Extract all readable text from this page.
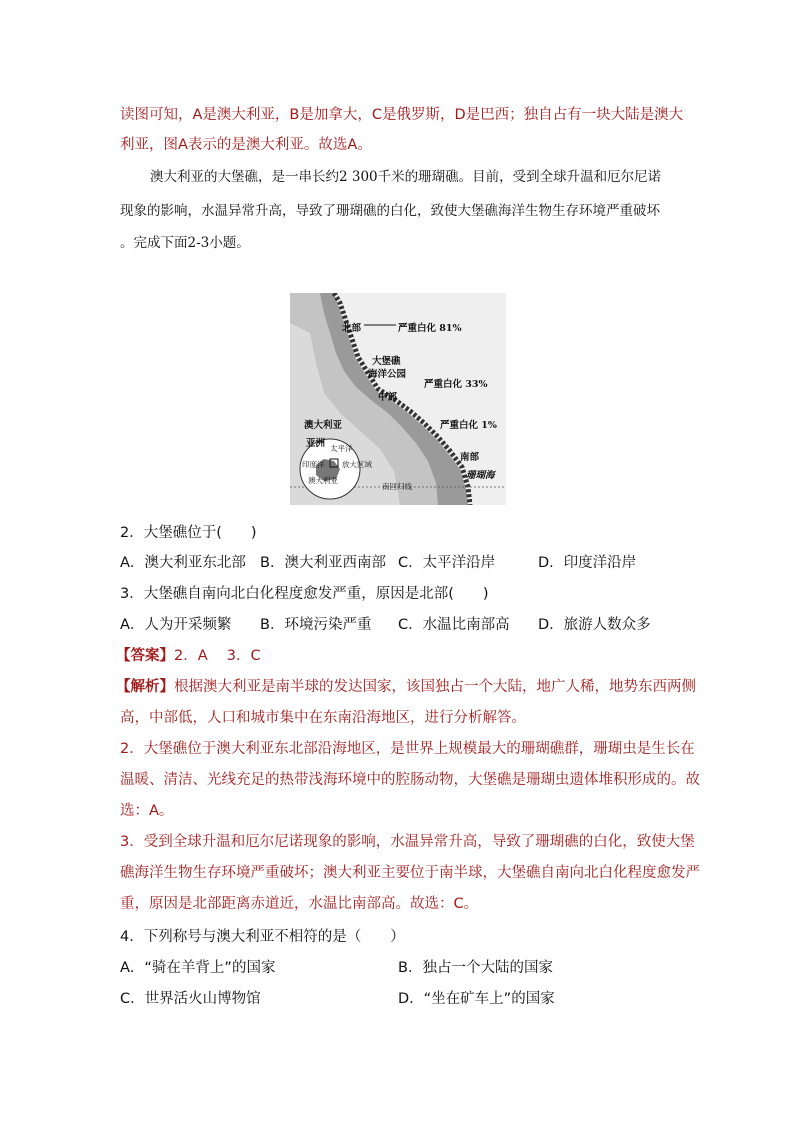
读图可知，A是澳大利亚，B是加拿大，C是俄罗斯，D是巴西；独自占有一块大陆是澳大
利亚，图A表示的是澳大利亚。故选A。
澳大利亚的大堡礁，是一串长约2 300千米的珊瑚礁。目前，受到全球升温和厄尔尼诺
现象的影响，水温异常升高，导致了珊瑚礁的白化，致使大堡礁海洋生物生存环境严重破坏
。完成下面2-3小题。
北部	严重白化 81%
大堡礁
海洋公园
严重白化 33%
中部
澳大利亚	严重白化 1%
南部
珊瑚海
亚洲 太平洋
印度洋 放大区域
澳大利亚
南回归线
2．大堡礁位于(　　)
A．澳大利亚东北部 B．澳大利亚西南部 C．太平洋沿岸	D．印度洋沿岸
3．大堡礁自南向北白化程度愈发严重，原因是北部(　　)
A．人为开采频繁 B．环境污染严重 C．水温比南部高 D．旅游人数众多
【答案】2．A　 3．C
【解析】根据澳大利亚是南半球的发达国家，该国独占一个大陆，地广人稀，地势东西两侧
高，中部低，人口和城市集中在东南沿海地区，进行分析解答。
2．大堡礁位于澳大利亚东北部沿海地区，是世界上规模最大的珊瑚礁群，珊瑚虫是生长在
温暖、清洁、光线充足的热带浅海环境中的腔肠动物，大堡礁是珊瑚虫遗体堆积形成的。故
选：A。
3．受到全球升温和厄尔尼诺现象的影响，水温异常升高，导致了珊瑚礁的白化，致使大堡
礁海洋生物生存环境严重破坏；澳大利亚主要位于南半球，大堡礁自南向北白化程度愈发严
重，原因是北部距离赤道近，水温比南部高。故选：C。
4．下列称号与澳大利亚不相符的是（　　）
A．“骑在羊背上”的国家	B．独占一个大陆的国家
C．世界活火山博物馆	D．“坐在矿车上”的国家
